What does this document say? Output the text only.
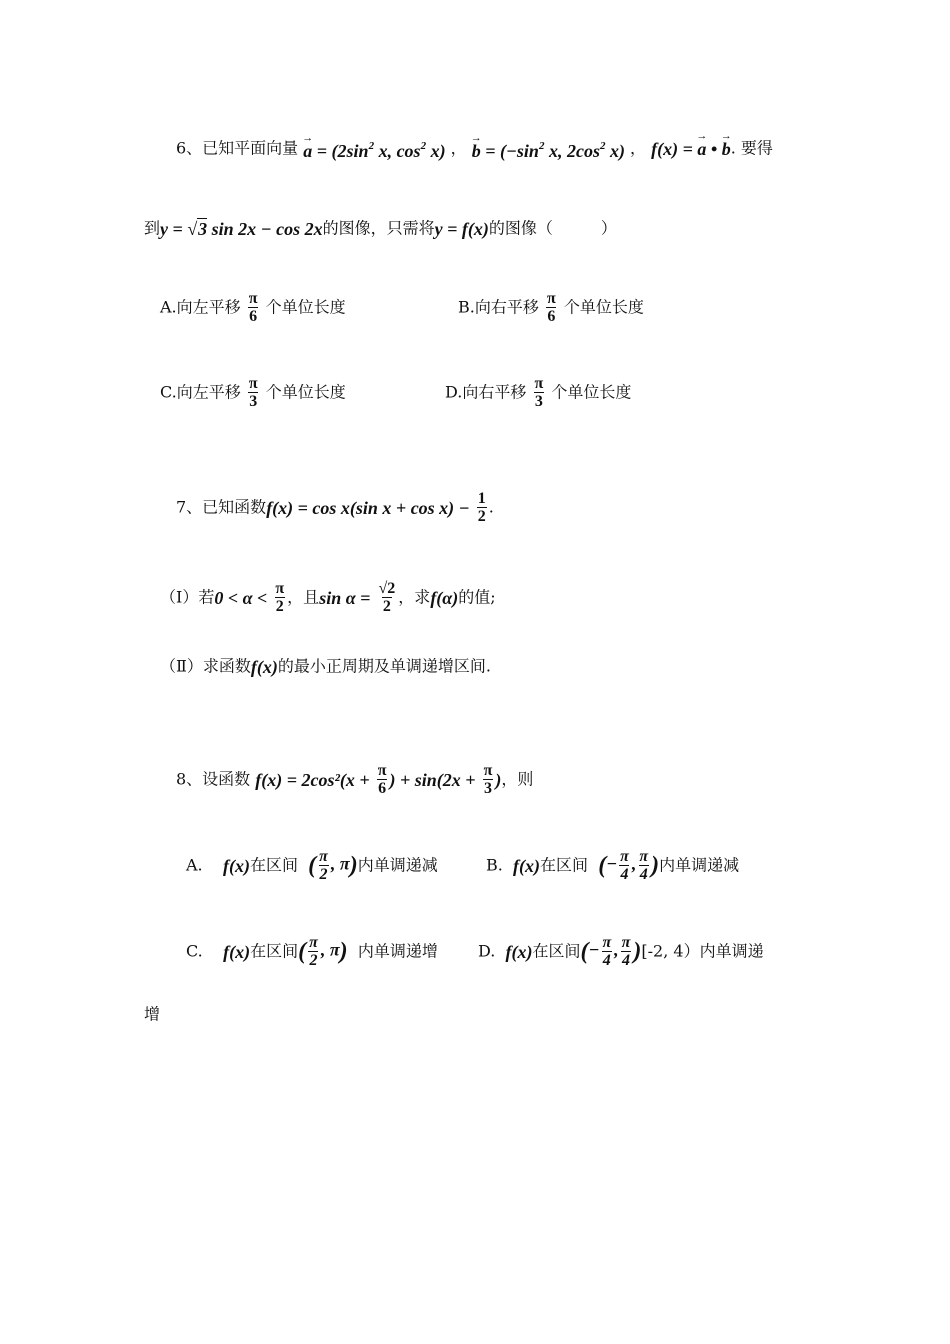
6、已知平面向量 → $a = (2\sin^2$ x, $\cos^2 x$) ， → $b = (-\sin^2$ x, $2\cos^2$ x) ， f(x) = → a • → b. 要得
到y = √3 sin 2x − cos 2x的图像，只需将y = f(x)的图像（　　　）
A.向左平移 $\frac{\pi}{6}$ 个单位长度	B.向右平移 $\frac{\pi}{6}$ 个单位长度
C.向左平移 $\frac{\pi}{3}$ 个单位长度	D.向右平移 $\frac{\pi}{3}$ 个单位长度
7、已知函数f(x) = cos x(sin $x + \cos x) - \frac{1}{2}$ .
（Ⅰ）若$0 < \alpha < \frac{\pi}{2}$ ，且$\sin \alpha = \frac{√2}{2}$ ，求f(α)的值;
（Ⅱ）求函数f(x)的最小正周期及单调递增区间.
8、设函数 $f(x) = 2\cos^2(x + \frac{\pi}{6}$ ) + $\sin(2x + \frac{\pi}{3}$ )，则
A. f(x)在区间 ( $\frac{\pi}{2}$ , π)内单调递减	B. f(x)在区间 (− $\frac{\pi}{4}$ , $\frac{\pi}{4}$ )内单调递减
C. f(x)在区间( $\frac{\pi}{2}$ , π) 内单调递增	D. f(x)在区间(− $\frac{\pi}{4}$ , $\frac{\pi}{4} )[-2$, 4）内单调递
增
